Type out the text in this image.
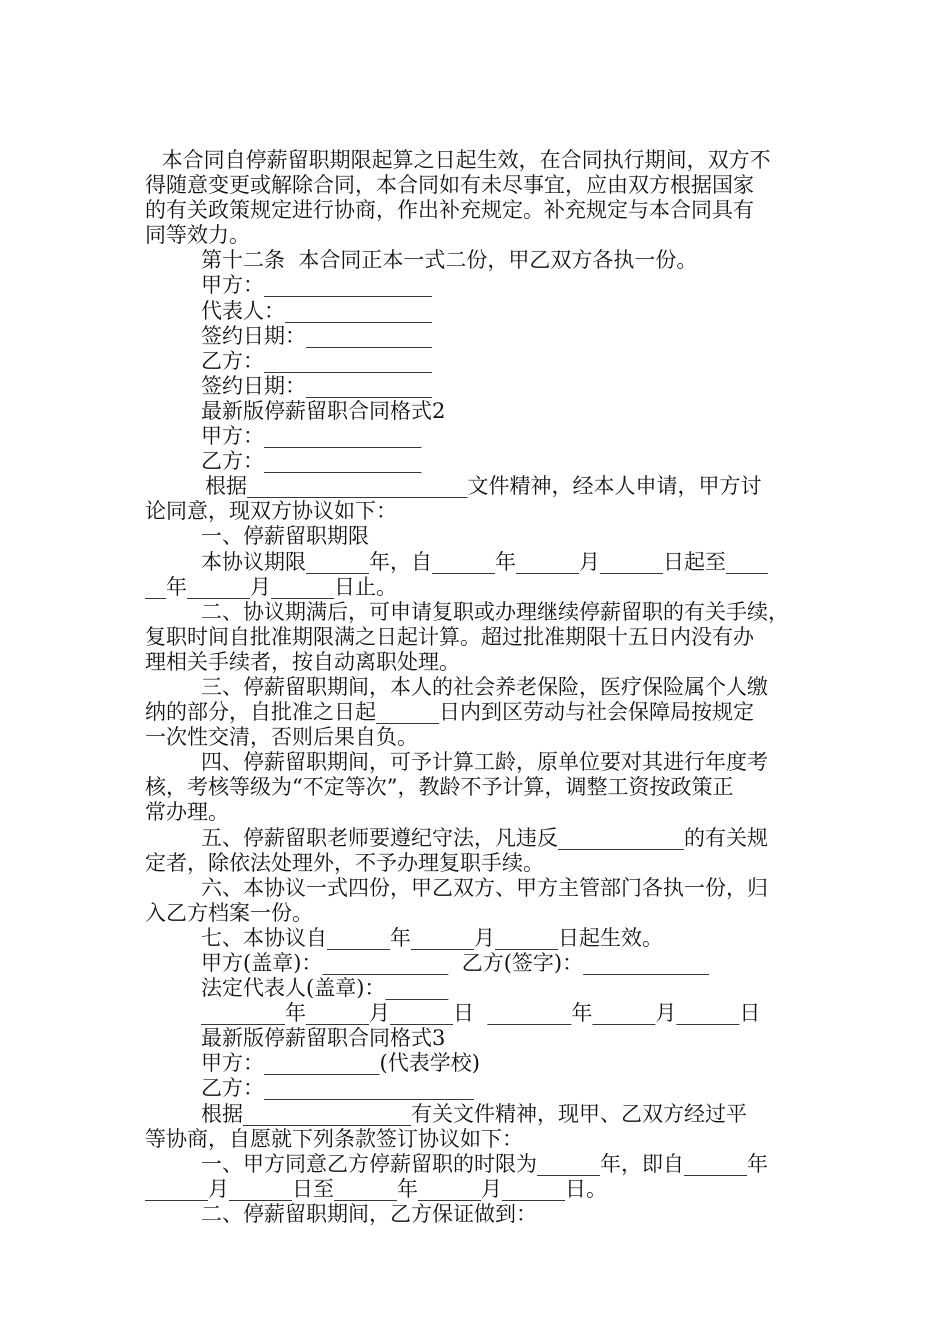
本合同自停薪留职期限起算之日起生效，在合同执行期间，双方不

得随意变更或解除合同，本合同如有未尽事宜，应由双方根据国家

的有关政策规定进行协商，作出补充规定。补充规定与本合同具有

同等效力。

第十二条  本合同正本一式二份，甲乙双方各执一份。

甲方：________________

代表人：______________

签约日期：____________

乙方：________________

签约日期：____________

最新版停薪留职合同格式2

甲方：_______________

乙方：_______________

根据_____________________文件精神，经本人申请，甲方讨

论同意，现双方协议如下：

一、停薪留职期限

本协议期限______年，自______年______月______日起至____

__年______月______日止。

二、协议期满后，可申请复职或办理继续停薪留职的有关手续，

复职时间自批准期限满之日起计算。超过批准期限十五日内没有办

理相关手续者，按自动离职处理。

三、停薪留职期间，本人的社会养老保险，医疗保险属个人缴

纳的部分，自批准之日起______日内到区劳动与社会保障局按规定

一次性交清，否则后果自负。

四、停薪留职期间，可予计算工龄，原单位要对其进行年度考

核，考核等级为“不定等次”，教龄不予计算，调整工资按政策正

常办理。

五、停薪留职老师要遵纪守法，凡违反____________的有关规

定者，除依法处理外，不予办理复职手续。

六、本协议一式四份，甲乙双方、甲方主管部门各执一份，归

入乙方档案一份。

七、本协议自______年______月______日起生效。

甲方(盖章)：____________  乙方(签字)：____________

法定代表人(盖章)：______

________年______月______日  ________年______月______日

最新版停薪留职合同格式3

甲方：___________(代表学校)

乙方：____________________

根据________________有关文件精神，现甲、乙双方经过平

等协商，自愿就下列条款签订协议如下：

一、甲方同意乙方停薪留职的时限为______年，即自______年

______月______日至______年______月______日。

二、停薪留职期间，乙方保证做到：
